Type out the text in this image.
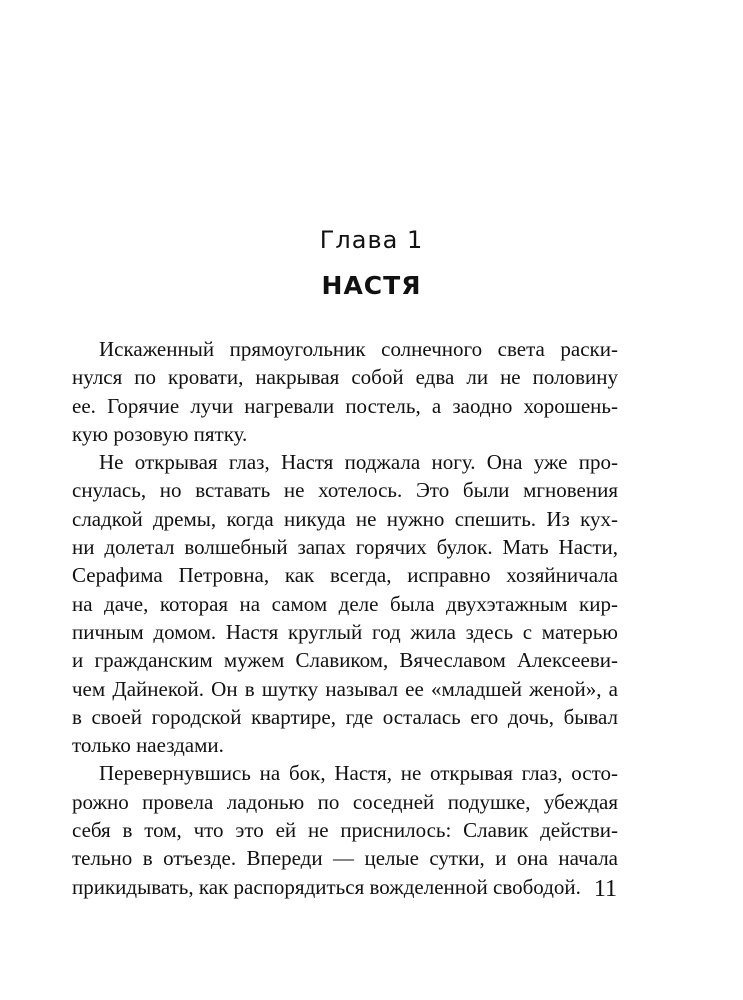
Глава 1
НАСТЯ
Искаженный прямоугольник солнечного света раски-
нулся по кровати, накрывая собой едва ли не половину
ее. Горячие лучи нагревали постель, а заодно хорошень-
кую розовую пятку.
Не открывая глаз, Настя поджала ногу. Она уже про-
снулась, но вставать не хотелось. Это были мгновения
сладкой дремы, когда никуда не нужно спешить. Из кух-
ни долетал волшебный запах горячих булок. Мать Насти,
Серафима Петровна, как всегда, исправно хозяйничала
на даче, которая на самом деле была двухэтажным кир-
пичным домом. Настя круглый год жила здесь с матерью
и гражданским мужем Славиком, Вячеславом Алексееви-
чем Дайнекой. Он в шутку называл ее «младшей женой», а
в своей городской квартире, где осталась его дочь, бывал
только наездами.
Перевернувшись на бок, Настя, не открывая глаз, осто-
рожно провела ладонью по соседней подушке, убеждая
себя в том, что это ей не приснилось: Славик действи-
тельно в отъезде. Впереди — целые сутки, и она начала
прикидывать, как распорядиться вожделенной свободой. 11
